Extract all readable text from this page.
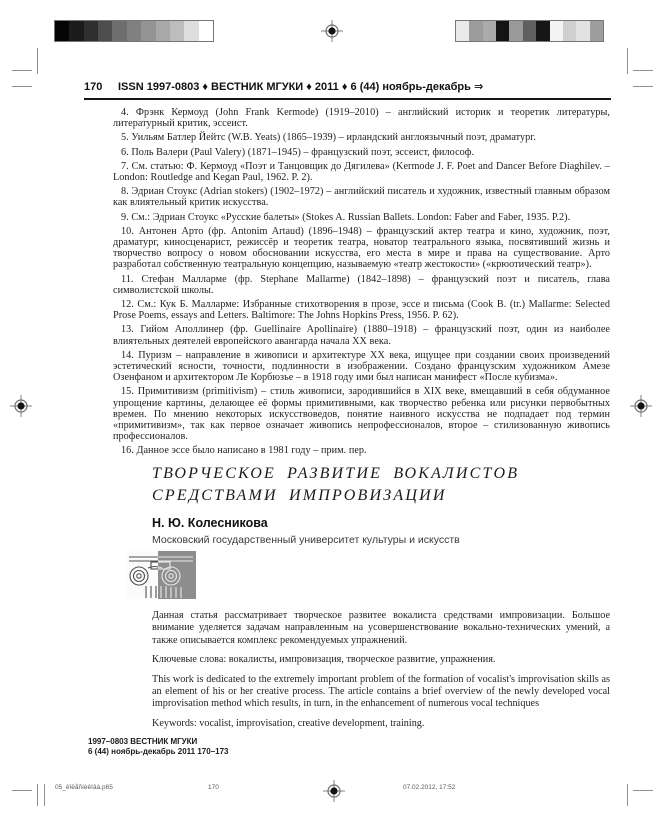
170 ISSN 1997-0803 ♦ ВЕСТНИК МГУКИ ♦ 2011 ♦ 6 (44) ноябрь-декабрь ⇒

4. Фрэнк Кермоуд (John Frank Kermode) (1919–2010) – английский историк и теоретик литературы, литературный критик, эссеист.

5. Уильям Батлер Йейтс (W.B. Yeats) (1865–1939) – ирландский англоязычный поэт, драматург.

6. Поль Валери (Paul Valery) (1871–1945) – французский поэт, эссеист, философ.

7. См. статью: Ф. Кермоуд «Поэт и Танцовщик до Дягилева» (Kermode J. F. Poet and Dancer Before Diaghilev. – London: Routledge and Kegan Paul, 1962. P. 2).

8. Эдриан Стоукс (Adrian stokers) (1902–1972) – английский писатель и художник, известный главным образом как влиятельный критик искусства.

9. См.: Эдриан Стоукс «Русские балеты» (Stokes A. Russian Ballets. London: Faber and Faber, 1935. P.2).

10. Антонен Арто (фр. Antonim Artaud) (1896–1948) – французский актер театра и кино, художник, поэт, драматург, киносценарист, режиссёр и теоретик театра, новатор театрального языка, посвятивший жизнь и творчество вопросу о новом обосновании искусства, его места в мире и права на существование. Арто разработал собственную театральную концепцию, называемую «театр жестокости» («крюотический театр»).

11. Стефан Малларме (фр. Stephane Mallarme) (1842–1898) – французский поэт и писатель, глава символистской школы.

12. См.: Кук Б. Малларме: Избранные стихотворения в прозе, эссе и письма (Cook B. (tr.) Mallarme: Selected Prose Poems, essays and Letters. Baltimore: The Johns Hopkins Press, 1956. P. 62).

13. Гийом Аполлинер (фр. Guellinaire Apollinaire) (1880–1918) – французский поэт, один из наиболее влиятельных деятелей европейского авангарда начала XX века.

14. Пуризм – направление в живописи и архитектуре XX века, ищущее при создании своих произведений эстетический ясности, точности, подлинности в изображении. Создано французским художником Амезе Озенфаном и архитектором Ле Корбюзье – в 1918 году ими был написан манифест «После кубизма».

15. Примитивизм (primitivism) – стиль живописи, зародившийся в XIX веке, вмещавший в себя обдуманное упрощение картины, делающее её формы примитивными, как творчество ребенка или рисунки первобытных времен. По мнению некоторых искусствоведов, понятие наивного искусства не подпадает под термин «примитивизм», так как первое означает живопись непрофессионалов, второе – стилизованную живопись профессионалов.

16. Данное эссе было написано в 1981 году – прим. пер.

ТВОРЧЕСКОЕ РАЗВИТИЕ ВОКАЛИСТОВ
СРЕДСТВАМИ ИМПРОВИЗАЦИИ
Н. Ю. Колесникова
Московский государственный университет культуры и искусств

Данная статья рассматривает творческое развитее вокалиста средствами импровизации. Большое внимание уделяется задачам направленным на усовершенствование вокально-технических умений, а также описывается комплекс рекомендуемых упражнений.

Ключевые слова: вокалисты, импровизация, творческое развитие, упражнения.

This work is dedicated to the extremely important problem of the formation of vocalist's improvisation skills as an element of his or her creative process. The article contains a brief overview of the newly developed vocal improvisation method which results, in turn, in the enhancement of numerous vocal techniques

Keywords: vocalist, improvisation, creative development, training.

1997–0803 ВЕСТНИК МГУКИ
6 (44) ноябрь-декабрь 2011 170–173
05_êîëåñíèêîâà.p65	170	07.02.2012, 17:52
